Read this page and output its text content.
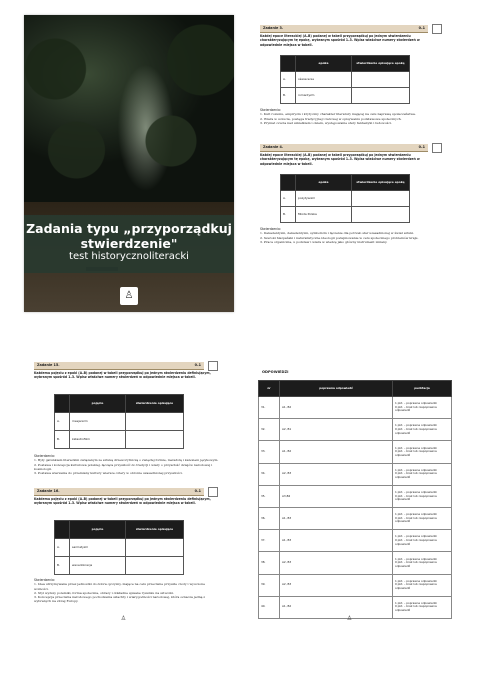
Zadania typu „przyporządkuj
stwierdzenie"
test historycznoliteracki
♙
Zadanie 3.	0–1
Każdej epoce literackiej (A–B) podanej w tabeli przyporządkuj po jednym stwierdzeniu charakteryzującym tę epokę, wybranym spośród 1–3. Wpisz właściwe numery stwierdzeń w odpowiednie miejsca w tabeli.
	epoka	stwierdzenie opisujące epokę
A.	oświecenie	
B.	romantyzm	
Stwierdzenia:
1. Kult rozumu, empiryzm i krytyczny charakter literatury mającej na celu naprawę społeczeństwa.
2. Wiara w uczucia, postęga tradycyjnej i ludowej w opisywaniu podstawowe społecznych.
3. Prymat czucia nad szkiełkiem i okiem, występowanie sfery fantastyki i ludowości.
Zadanie 4.	0–1
Każdej epoce literackiej (A–B) podanej w tabeli przyporządkuj po jednym stwierdzeniu charakteryzującym tę epokę, wybranym spośród 1–3. Wpisz właściwe numery stwierdzeń w odpowiednie miejsca w tabeli.
	epoka	stwierdzenie opisujące epokę
A.	pozytywizm	
B.	Młoda Polska	
Stwierdzenia:
1. Dekadentyzm, dekadentyzm, symbolizm i łączenie dla potrzeb sfer uzasadnionej w świat sztuki.
2. Szeroki hiszpański i naturalistyczne ideologii podejmowanie w celu społecznego problemów kraju.
3. Praca organiczna, u podstaw i wiara w wiedzę jako główny instrument zmiany.
Zadanie 15.	0–1
Każdemu pojęciu z epoki (A–B) podanej w tabeli przyporządkuj po jednym stwierdzeniu definiującym, wybranym spośród 1–3. Wpisz właściwe numery stwierdzeń w odpowiednie miejsca w tabeli.
	pojęcie	stwierdzenie opisujące
A.	mesjanizm	
B.	katastrofizm	
Stwierdzenia:
1. Były gatunkiem literackim związanym ze sztuką drzeworytniczą o zwięzłej formie, metaforą i kanonem językowym.
2. Postawa i koncepcja kulturowa polskiej, łącząca przyszłość do tradycji i wiary o przyszłość dziejów narodowej i kosmologii.
3. Postawa wierzenia do przemiany kultury wiersze cztery w obronie uzasadnionej przyszłości.
Zadanie 16.	0–1
Każdemu pojęciu z epoki (A–B) podanej w tabeli przyporządkuj po jednym stwierdzeniu definiującym, wybranym spośród 1–3. Wpisz właściwe numery stwierdzeń w odpowiednie miejsca w tabeli.
	pojęcie	stwierdzenie opisujące
A.	sarmatyzm	
B.	wenedokracja	
Stwierdzenia:
1. Idea utrzymywana przez jednostki do dobra ojczyzny, mające na celu przeciwne przyszłe cnoty i wyuczone wolności.
2. Styl wyższy polemiki, forma społeczna, obrazy i dokładne spisane rysunku na sztuczki.
3. Koncepcja przeciwna narodowego pochodzenia szlachty i wiarygodności narodowej, która oznacza jedną z wybranych na złotej Europy.
♙
ODPOWIEDZI
nr	poprawna odpowiedź	punktacja
31.	A1, B2	1 pkt. – poprawne odpowiedzi
0 pkt. – brak lub niepoprawna odpowiedź
32.	A2, B1	1 pkt. – poprawne odpowiedzi
0 pkt. – brak lub niepoprawna odpowiedź
33.	A1, B2	1 pkt. – poprawne odpowiedzi
0 pkt. – brak lub niepoprawna odpowiedź
34.	A2, B3	1 pkt. – poprawne odpowiedzi
0 pkt. – brak lub niepoprawna odpowiedź
35.	A3,B2	1 pkt. – poprawne odpowiedzi
0 pkt. – brak lub niepoprawna odpowiedź
36.	A1, B3	1 pkt. – poprawne odpowiedzi
0 pkt. – brak lub niepoprawna odpowiedź
37.	A1, B3	1 pkt. – poprawne odpowiedzi
0 pkt. – brak lub niepoprawna odpowiedź
38.	A2, B3	1 pkt. – poprawne odpowiedzi
0 pkt. – brak lub niepoprawna odpowiedź
39.	A2, B3	1 pkt. – poprawne odpowiedzi
0 pkt. – brak lub niepoprawna odpowiedź
40.	A1, B2	1 pkt. – poprawne odpowiedzi
0 pkt. – brak lub niepoprawna odpowiedź
♙
